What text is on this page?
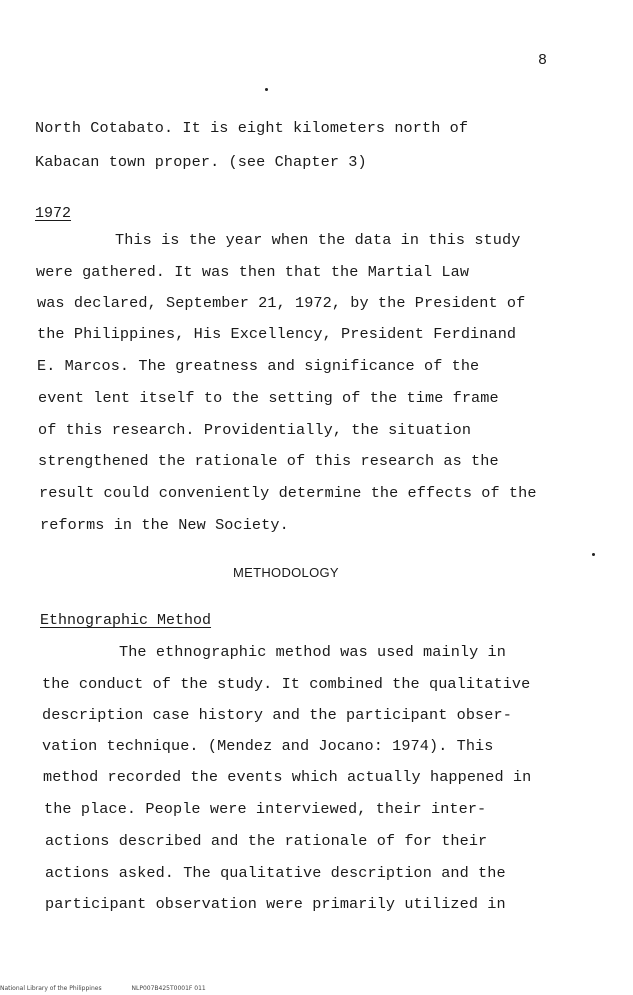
8
North Cotabato. It is eight kilometers north of
Kabacan town proper. (see Chapter 3)
1972
This is the year when the data in this study
were gathered. It was then that the Martial Law
was declared, September 21, 1972, by the President of
the Philippines, His Excellency, President Ferdinand
E. Marcos. The greatness and significance of the
event lent itself to the setting of the time frame
of this research. Providentially, the situation
strengthened the rationale of this research as the
result could conveniently determine the effects of the
reforms in the New Society.
METHODOLOGY
Ethnographic Method
The ethnographic method was used mainly in
the conduct of the study. It combined the qualitative
description case history and the participant obser-
vation technique. (Mendez and Jocano: 1974). This
method recorded the events which actually happened in
the place. People were interviewed, their inter-
actions described and the rationale of for their
actions asked. The qualitative description and the
participant observation were primarily utilized in
National Library of the Philippines	NLP007B425T0001F 011
